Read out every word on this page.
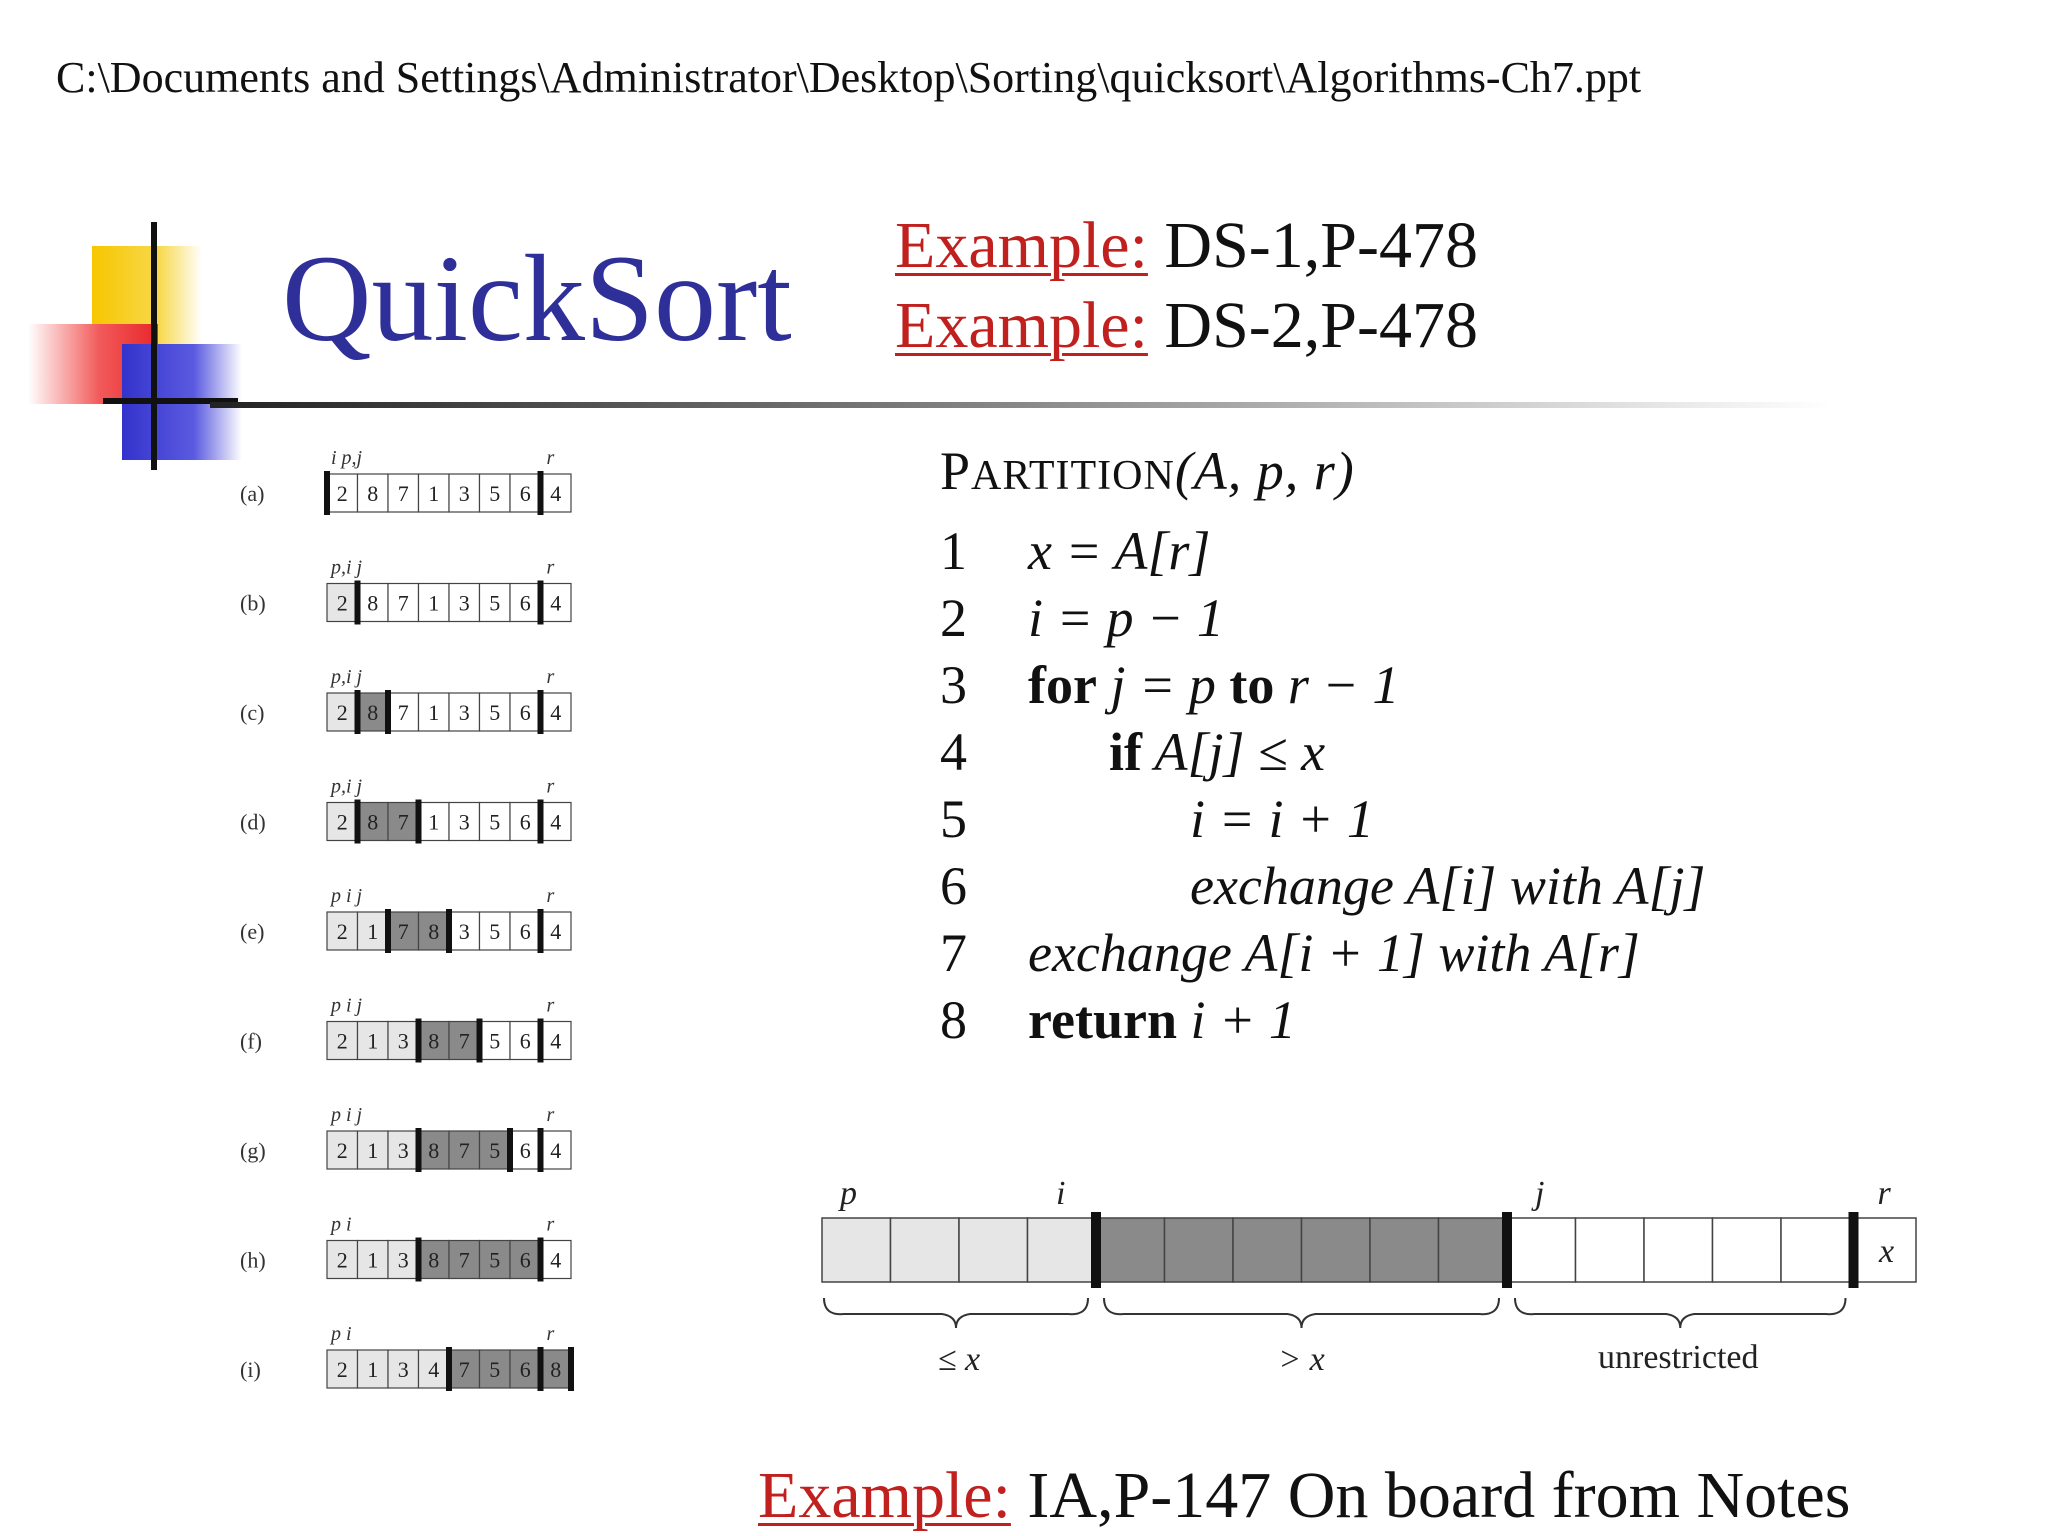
C:\Documents and Settings\Administrator\Desktop\Sorting\quicksort\Algorithms-Ch7.ppt
QuickSort Example: DS-1,P-478
Example: DS-2,P-478
(a)
i p,j	r
2 8 7 1 3 5 6 4
(b)
p,i j	r
2 8 7 1 3 5 6 4
(c)
p,i j	r
2 8 7 1 3 5 6 4
(d)
p,i j	r
2 8 7 1 3 5 6 4
(e)
p i j	r
2 1 7 8 3 5 6 4
(f)
p i j	r
2 1 3 8 7 5 6 4
(g)
p i j	r
2 1 3 8 7 5 6 4
(h)
p i	r
2 1 3 8 7 5 6 4
(i)
p i	r
2 1 3 4 7 5 6 8
PARTITION(A, p, r)
1	x = A[r]
2	i = p − 1
3	for j = p to r − 1
4	if A[j] ≤ x
5	i = i + 1
6	exchange A[i] with A[j]
7	exchange A[i + 1] with A[r]
8	return i + 1
x
p	i	j	r
≤ x	> x	unrestricted
Example: IA,P-147 On board from Notes
